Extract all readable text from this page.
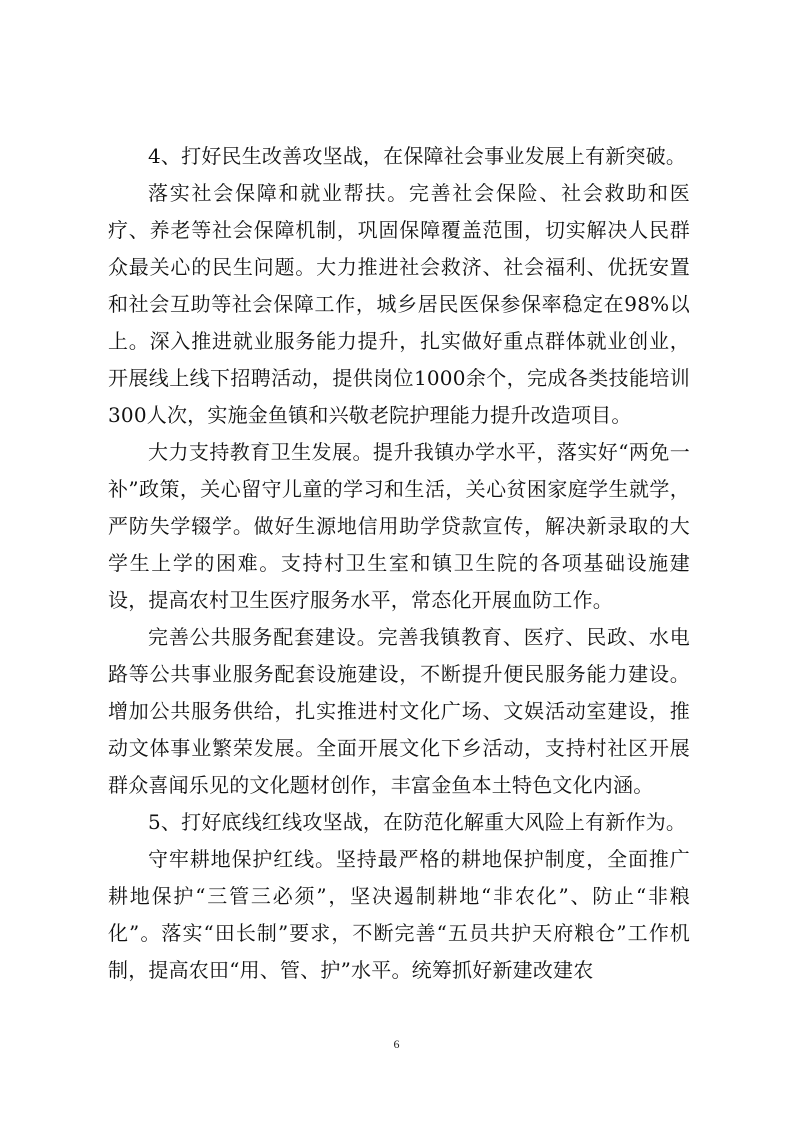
4、打好民生改善攻坚战，在保障社会事业发展上有新突破。

落实社会保障和就业帮扶。完善社会保险、社会救助和医疗、养老等社会保障机制，巩固保障覆盖范围，切实解决人民群众最关心的民生问题。大力推进社会救济、社会福利、优抚安置和社会互助等社会保障工作，城乡居民医保参保率稳定在98%以上。深入推进就业服务能力提升，扎实做好重点群体就业创业，开展线上线下招聘活动，提供岗位1000余个，完成各类技能培训300人次，实施金鱼镇和兴敬老院护理能力提升改造项目。

大力支持教育卫生发展。提升我镇办学水平，落实好“两免一补”政策，关心留守儿童的学习和生活，关心贫困家庭学生就学，严防失学辍学。做好生源地信用助学贷款宣传，解决新录取的大学生上学的困难。支持村卫生室和镇卫生院的各项基础设施建设，提高农村卫生医疗服务水平，常态化开展血防工作。

完善公共服务配套建设。完善我镇教育、医疗、民政、水电路等公共事业服务配套设施建设，不断提升便民服务能力建设。增加公共服务供给，扎实推进村文化广场、文娱活动室建设，推动文体事业繁荣发展。全面开展文化下乡活动，支持村社区开展群众喜闻乐见的文化题材创作，丰富金鱼本土特色文化内涵。

5、打好底线红线攻坚战，在防范化解重大风险上有新作为。

守牢耕地保护红线。坚持最严格的耕地保护制度，全面推广耕地保护“三管三必须”，坚决遏制耕地“非农化”、防止“非粮化”。落实“田长制”要求，不断完善“五员共护天府粮仓”工作机制，提高农田“用、管、护”水平。统筹抓好新建改建农

6
